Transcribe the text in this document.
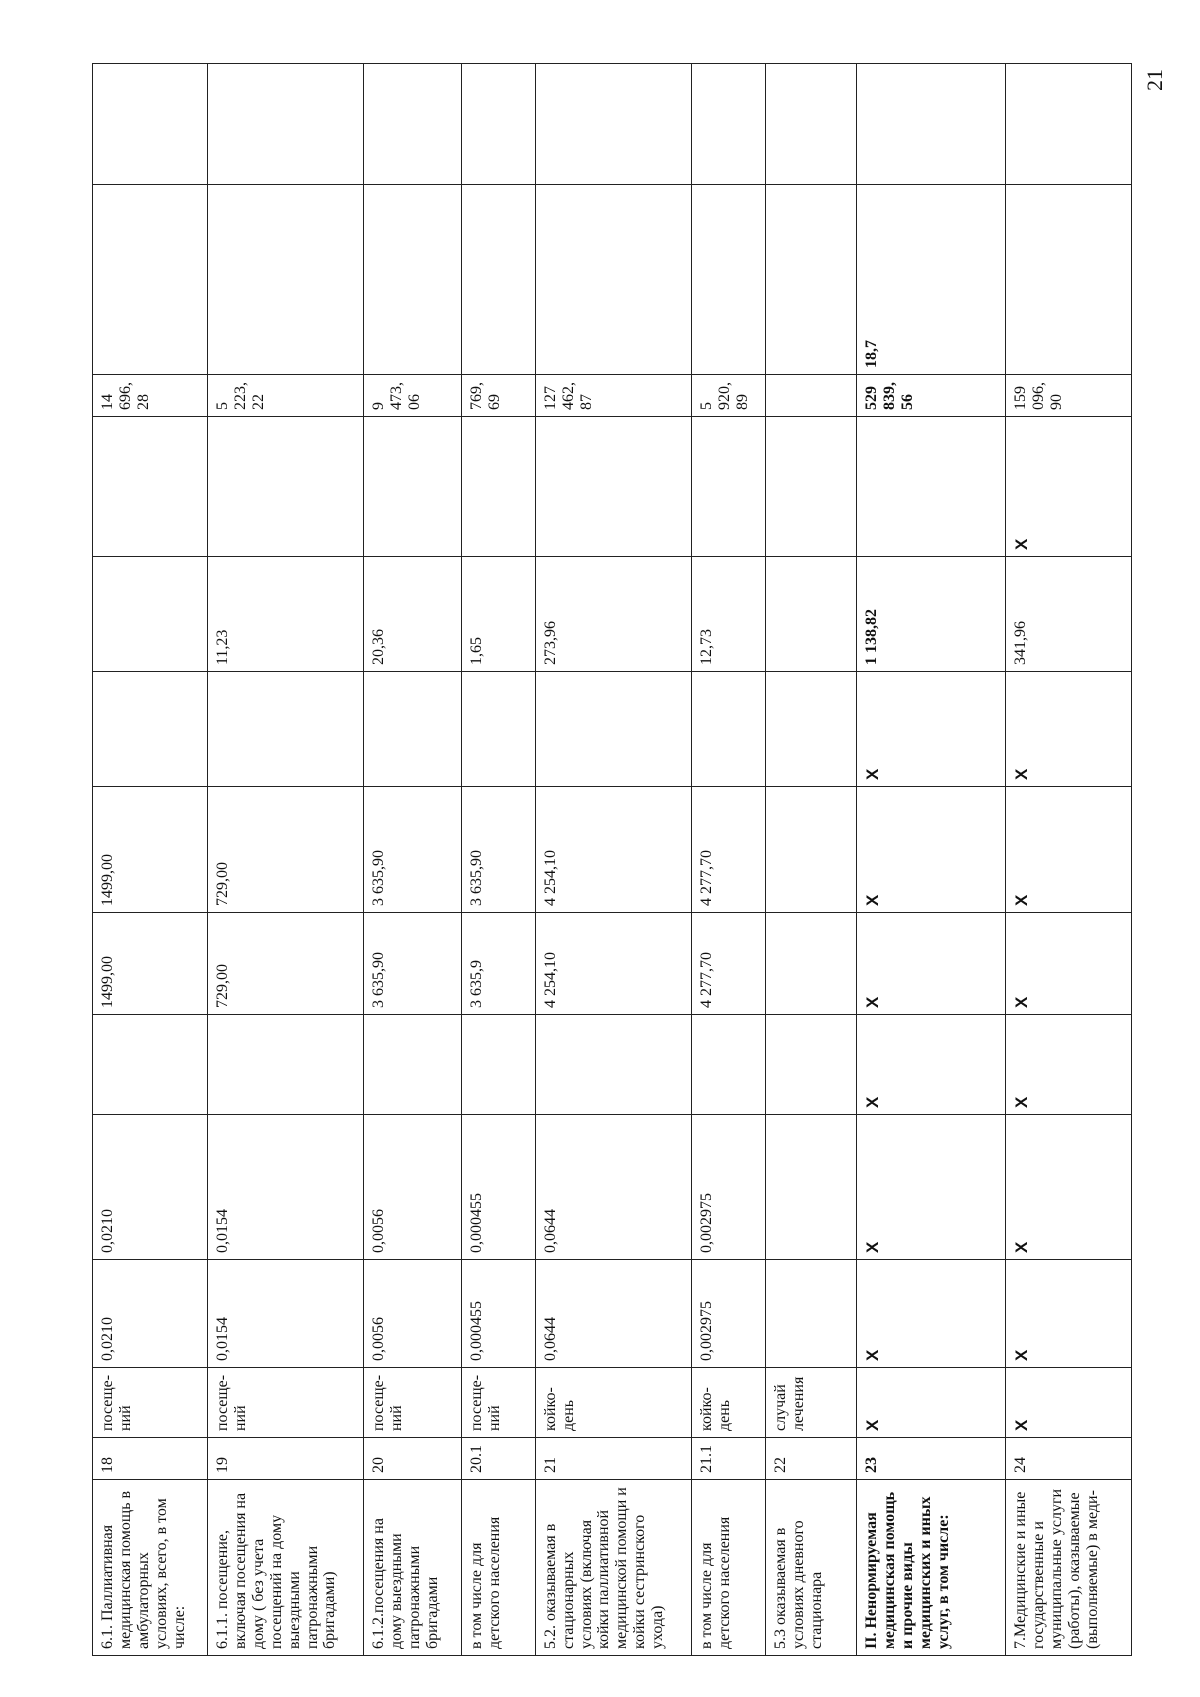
21
6.1. Паллиативная медицинская помощь в амбулаторных условиях, всего, в том числе:	18	посеще-ний	0,0210	0,0210		1499,00	1499,00				14 696,28		
6.1.1. посещение, включая посещения на дому ( без учета посещений на дому выездными патронажными бригадами)	19	посеще-ний	0,0154	0,0154		729,00	729,00		11,23		5 223,22		
6.1.2.посещения на дому выездными патронажными бригадами	20	посеще-ний	0,0056	0,0056		3 635,90	3 635,90		20,36		9 473,06		
в том числе для детского населения	20.1	посеще-ний	0,000455	0,000455		3 635,9	3 635,90		1,65		769,69		
5.2. оказываемая в стационарных условиях (включая койки паллиативной медицинской помощи и койки сестринского ухода)	21	койко-день	0,0644	0,0644		4 254,10	4 254,10		273,96		127 462,87		
в том числе для детского населения	21.1	койко-день	0,002975	0,002975		4 277,70	4 277,70		12,73		5 920,89		
5.3 оказываемая в условиях дневного стационара	22	случай лечения											
II. Ненормируемая медицинская помощь и прочие виды медицинских и иных услуг, в том числе:	23	Х	Х	Х	Х	Х	Х	Х	1 138,82		529 839,56	18,7	
7.Медицинские и иные государственные и муниципальные услуги (работы), оказываемые (выполняемые) в меди-	24	Х	Х	Х	Х	Х	Х	Х	341,96	Х	159 096,90		
